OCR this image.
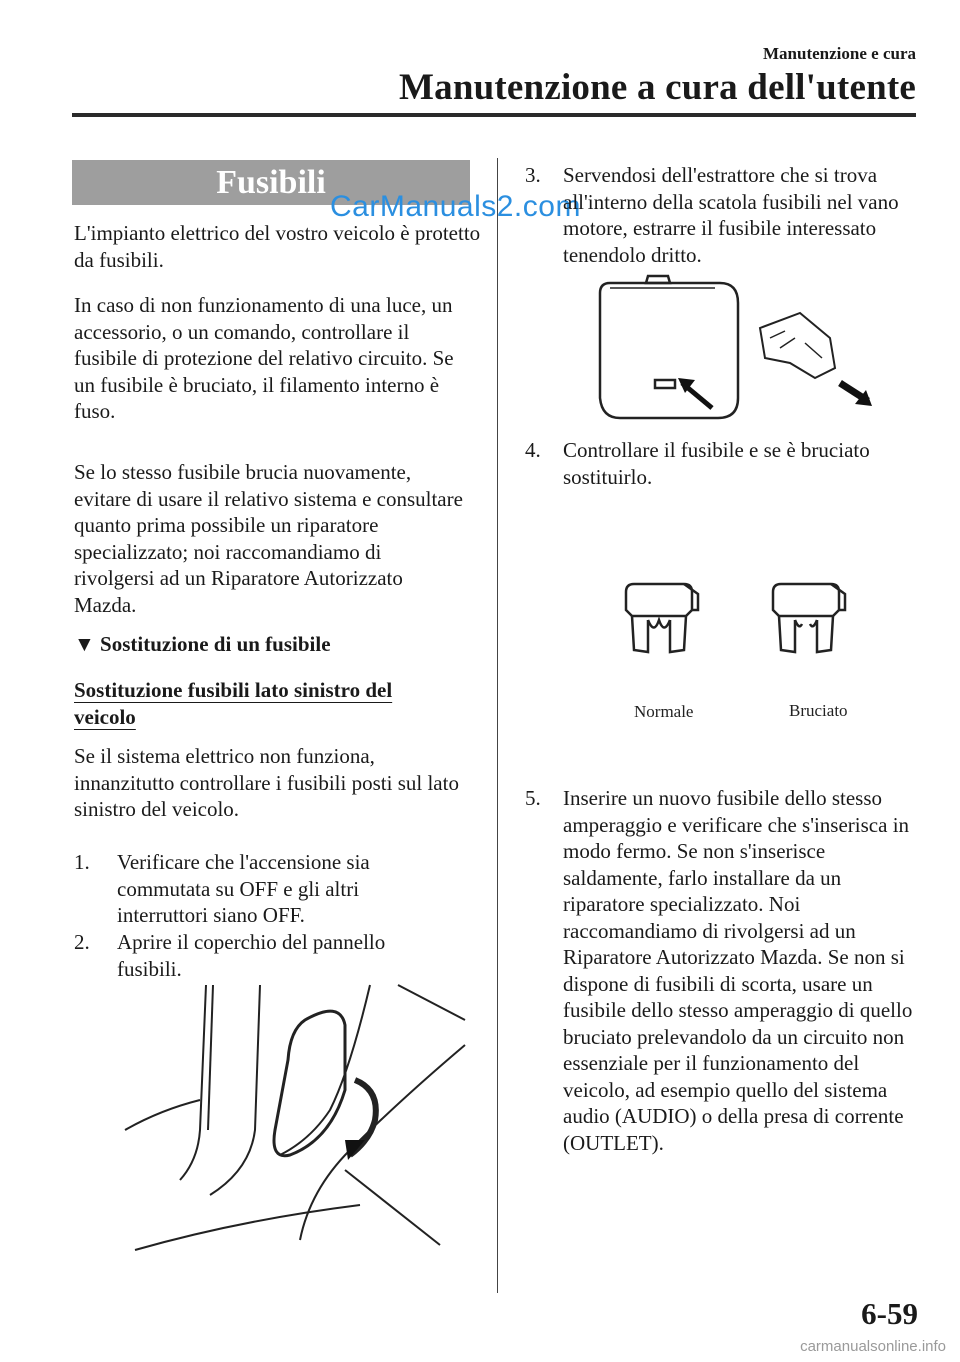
Manutenzione e cura
Manutenzione a cura dell'utente
Fusibili
CarManuals2.com
L'impianto elettrico del vostro veicolo è protetto da fusibili.
In caso di non funzionamento di una luce, un accessorio, o un comando, controllare il fusibile di protezione del relativo circuito. Se un fusibile è bruciato, il filamento interno è fuso.
Se lo stesso fusibile brucia nuovamente, evitare di usare il relativo sistema e consultare quanto prima possibile un riparatore specializzato; noi raccomandiamo di rivolgersi ad un Riparatore Autorizzato Mazda.
▼ Sostituzione di un fusibile
Sostituzione fusibili lato sinistro del
veicolo
Se il sistema elettrico non funziona, innanzitutto controllare i fusibili posti sul lato sinistro del veicolo.
1. Verificare che l'accensione sia commutata su OFF e gli altri interruttori siano OFF.
2. Aprire il coperchio del pannello fusibili.
3. Servendosi dell'estrattore che si trova all'interno della scatola fusibili nel vano motore, estrarre il fusibile interessato tenendolo dritto.
4. Controllare il fusibile e se è bruciato sostituirlo.
Normale	Bruciato
5. Inserire un nuovo fusibile dello stesso amperaggio e verificare che s'inserisca in modo fermo. Se non s'inserisce saldamente, farlo installare da un riparatore specializzato. Noi raccomandiamo di rivolgersi ad un Riparatore Autorizzato Mazda. Se non si dispone di fusibili di scorta, usare un fusibile dello stesso amperaggio di quello bruciato prelevandolo da un circuito non essenziale per il funzionamento del veicolo, ad esempio quello del sistema audio (AUDIO) o della presa di corrente (OUTLET).
6-59
carmanualsonline.info
